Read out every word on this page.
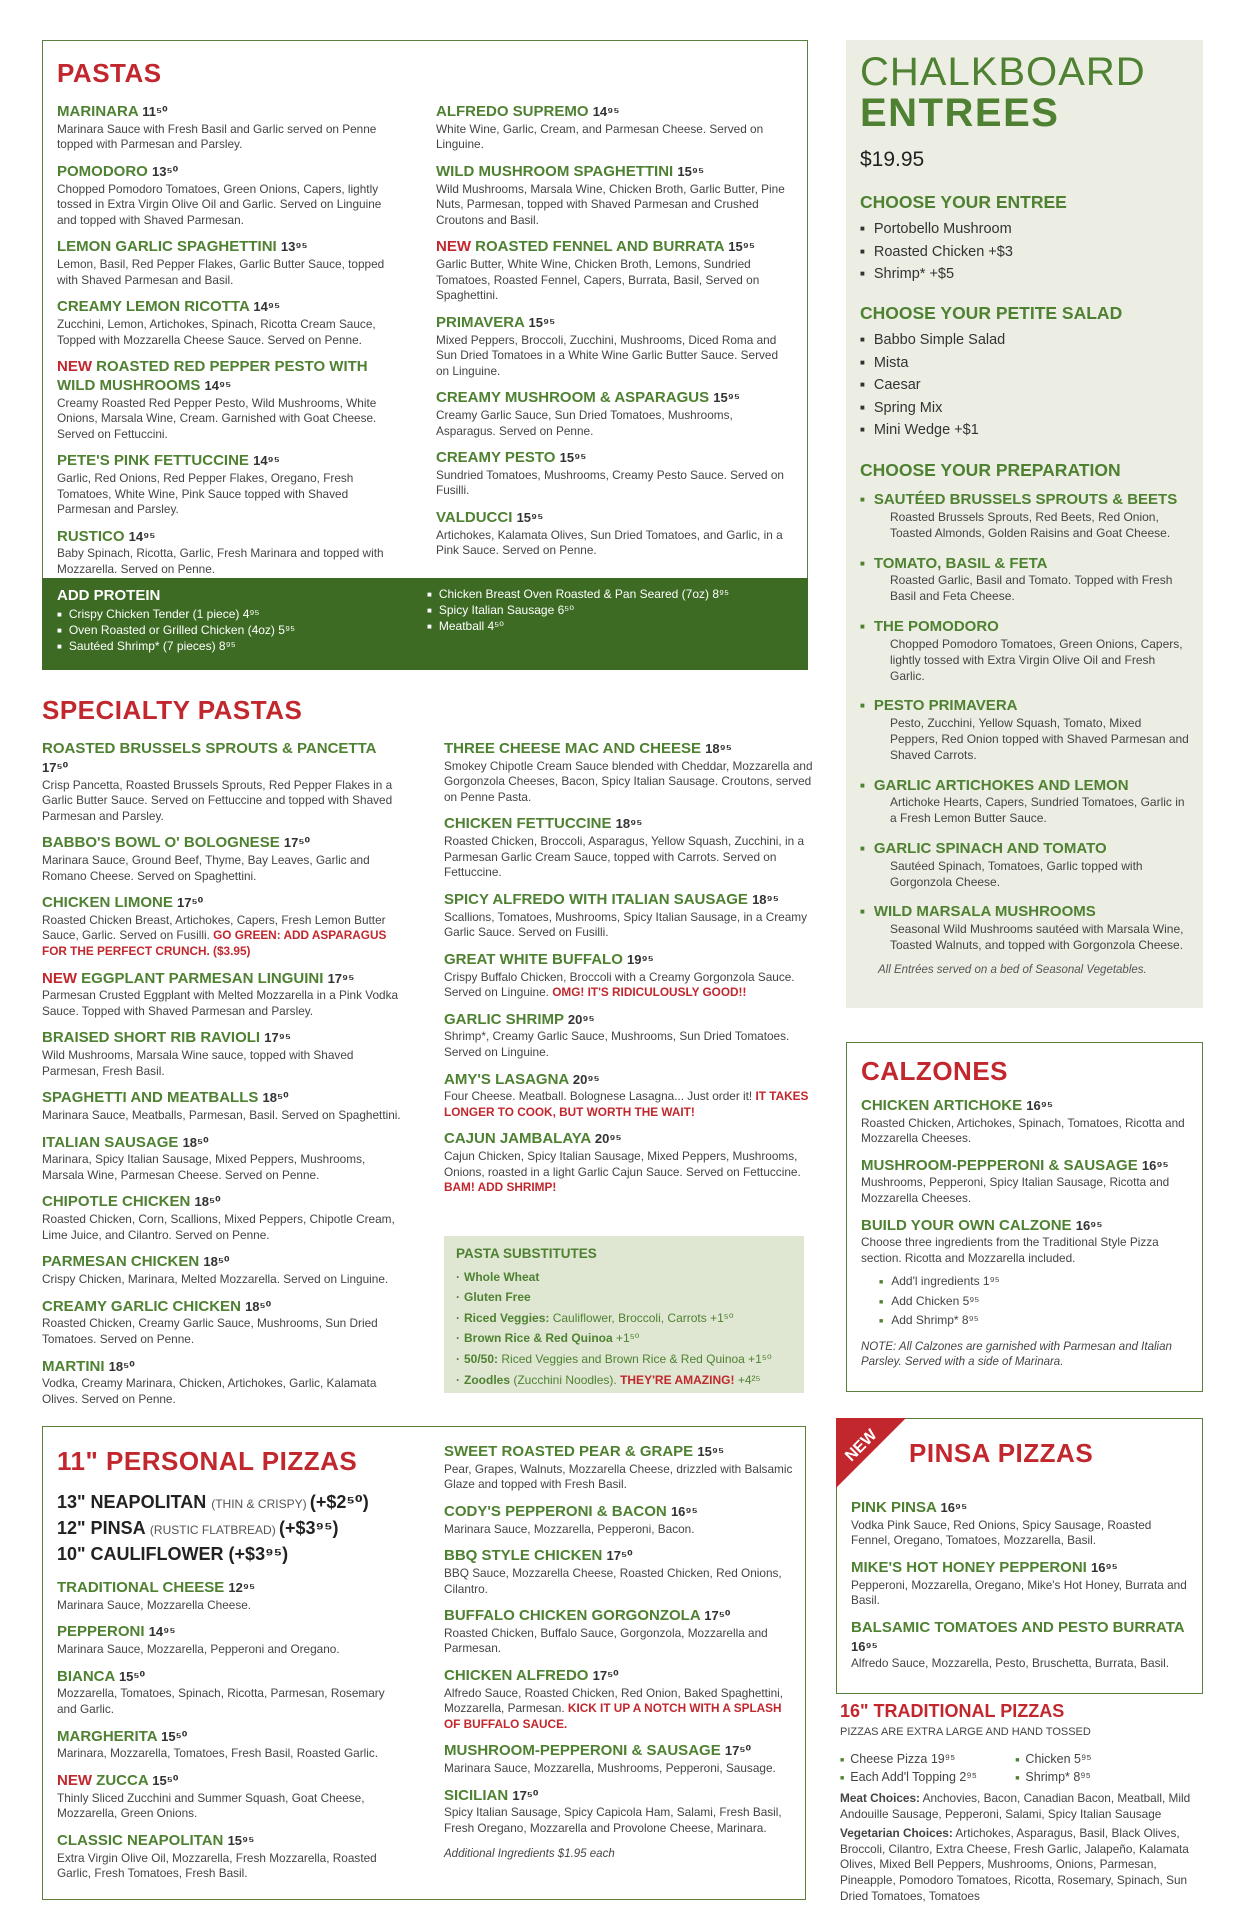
PASTAS
MARINARA 11⁵⁰
Marinara Sauce with Fresh Basil and Garlic served on Penne topped with Parmesan and Parsley.
POMODORO 13⁵⁰
Chopped Pomodoro Tomatoes, Green Onions, Capers, lightly tossed in Extra Virgin Olive Oil and Garlic. Served on Linguine and topped with Shaved Parmesan.
LEMON GARLIC SPAGHETTINI 13⁹⁵
Lemon, Basil, Red Pepper Flakes, Garlic Butter Sauce, topped with Shaved Parmesan and Basil.
CREAMY LEMON RICOTTA 14⁹⁵
Zucchini, Lemon, Artichokes, Spinach, Ricotta Cream Sauce, Topped with Mozzarella Cheese Sauce. Served on Penne.
NEW ROASTED RED PEPPER PESTO WITH WILD MUSHROOMS 14⁹⁵
Creamy Roasted Red Pepper Pesto, Wild Mushrooms, White Onions, Marsala Wine, Cream. Garnished with Goat Cheese. Served on Fettuccini.
PETE'S PINK FETTUCCINE 14⁹⁵
Garlic, Red Onions, Red Pepper Flakes, Oregano, Fresh Tomatoes, White Wine, Pink Sauce topped with Shaved Parmesan and Parsley.
RUSTICO 14⁹⁵
Baby Spinach, Ricotta, Garlic, Fresh Marinara and topped with Mozzarella. Served on Penne.
ALFREDO SUPREMO 14⁹⁵
White Wine, Garlic, Cream, and Parmesan Cheese. Served on Linguine.
WILD MUSHROOM SPAGHETTINI 15⁹⁵
Wild Mushrooms, Marsala Wine, Chicken Broth, Garlic Butter, Pine Nuts, Parmesan, topped with Shaved Parmesan and Crushed Croutons and Basil.
NEW ROASTED FENNEL AND BURRATA 15⁹⁵
Garlic Butter, White Wine, Chicken Broth, Lemons, Sundried Tomatoes, Roasted Fennel, Capers, Burrata, Basil, Served on Spaghettini.
PRIMAVERA 15⁹⁵
Mixed Peppers, Broccoli, Zucchini, Mushrooms, Diced Roma and Sun Dried Tomatoes in a White Wine Garlic Butter Sauce. Served on Linguine.
CREAMY MUSHROOM & ASPARAGUS 15⁹⁵
Creamy Garlic Sauce, Sun Dried Tomatoes, Mushrooms, Asparagus. Served on Penne.
CREAMY PESTO 15⁹⁵
Sundried Tomatoes, Mushrooms, Creamy Pesto Sauce. Served on Fusilli.
VALDUCCI 15⁹⁵
Artichokes, Kalamata Olives, Sun Dried Tomatoes, and Garlic, in a Pink Sauce. Served on Penne.
ADD PROTEIN
■ Crispy Chicken Tender (1 piece) 4⁹⁵
■ Oven Roasted or Grilled Chicken (4oz) 5⁹⁵
■ Sautéed Shrimp* (7 pieces) 8⁹⁵
■ Chicken Breast Oven Roasted & Pan Seared (7oz) 8⁹⁵
■ Spicy Italian Sausage 6⁵⁰
■ Meatball 4⁵⁰
SPECIALTY PASTAS
ROASTED BRUSSELS SPROUTS & PANCETTA 17⁵⁰
Crisp Pancetta, Roasted Brussels Sprouts, Red Pepper Flakes in a Garlic Butter Sauce. Served on Fettuccine and topped with Shaved Parmesan and Parsley.
BABBO'S BOWL O' BOLOGNESE 17⁵⁰
Marinara Sauce, Ground Beef, Thyme, Bay Leaves, Garlic and Romano Cheese. Served on Spaghettini.
CHICKEN LIMONE 17⁵⁰
Roasted Chicken Breast, Artichokes, Capers, Fresh Lemon Butter Sauce, Garlic. Served on Fusilli. GO GREEN: ADD ASPARAGUS FOR THE PERFECT CRUNCH. ($3.95)
NEW EGGPLANT PARMESAN LINGUINI 17⁹⁵
Parmesan Crusted Eggplant with Melted Mozzarella in a Pink Vodka Sauce. Topped with Shaved Parmesan and Parsley.
BRAISED SHORT RIB RAVIOLI 17⁹⁵
Wild Mushrooms, Marsala Wine sauce, topped with Shaved Parmesan, Fresh Basil.
SPAGHETTI AND MEATBALLS 18⁵⁰
Marinara Sauce, Meatballs, Parmesan, Basil. Served on Spaghettini.
ITALIAN SAUSAGE 18⁵⁰
Marinara, Spicy Italian Sausage, Mixed Peppers, Mushrooms, Marsala Wine, Parmesan Cheese. Served on Penne.
CHIPOTLE CHICKEN 18⁵⁰
Roasted Chicken, Corn, Scallions, Mixed Peppers, Chipotle Cream, Lime Juice, and Cilantro. Served on Penne.
PARMESAN CHICKEN 18⁵⁰
Crispy Chicken, Marinara, Melted Mozzarella. Served on Linguine.
CREAMY GARLIC CHICKEN 18⁵⁰
Roasted Chicken, Creamy Garlic Sauce, Mushrooms, Sun Dried Tomatoes. Served on Penne.
MARTINI 18⁵⁰
Vodka, Creamy Marinara, Chicken, Artichokes, Garlic, Kalamata Olives. Served on Penne.
THREE CHEESE MAC AND CHEESE 18⁹⁵
Smokey Chipotle Cream Sauce blended with Cheddar, Mozzarella and Gorgonzola Cheeses, Bacon, Spicy Italian Sausage. Croutons, served on Penne Pasta.
CHICKEN FETTUCCINE 18⁹⁵
Roasted Chicken, Broccoli, Asparagus, Yellow Squash, Zucchini, in a Parmesan Garlic Cream Sauce, topped with Carrots. Served on Fettuccine.
SPICY ALFREDO WITH ITALIAN SAUSAGE 18⁹⁵
Scallions, Tomatoes, Mushrooms, Spicy Italian Sausage, in a Creamy Garlic Sauce. Served on Fusilli.
GREAT WHITE BUFFALO 19⁹⁵
Crispy Buffalo Chicken, Broccoli with a Creamy Gorgonzola Sauce. Served on Linguine. OMG! IT'S RIDICULOUSLY GOOD!!
GARLIC SHRIMP 20⁹⁵
Shrimp*, Creamy Garlic Sauce, Mushrooms, Sun Dried Tomatoes. Served on Linguine.
AMY'S LASAGNA 20⁹⁵
Four Cheese. Meatball. Bolognese Lasagna... Just order it! IT TAKES LONGER TO COOK, BUT WORTH THE WAIT!
CAJUN JAMBALAYA 20⁹⁵
Cajun Chicken, Spicy Italian Sausage, Mixed Peppers, Mushrooms, Onions, roasted in a light Garlic Cajun Sauce. Served on Fettuccine. BAM! ADD SHRIMP!
PASTA SUBSTITUTES
· Whole Wheat
· Gluten Free
· Riced Veggies: Cauliflower, Broccoli, Carrots +1⁵⁰
· Brown Rice & Red Quinoa +1⁵⁰
· 50/50: Riced Veggies and Brown Rice & Red Quinoa +1⁵⁰
· Zoodles (Zucchini Noodles). THEY'RE AMAZING! +4²⁵
CHALKBOARD
ENTREES
$19.95
CHOOSE YOUR ENTREE
■ Portobello Mushroom
■ Roasted Chicken +$3
■ Shrimp* +$5
CHOOSE YOUR PETITE SALAD
■ Babbo Simple Salad
■ Mista
■ Caesar
■ Spring Mix
■ Mini Wedge +$1
CHOOSE YOUR PREPARATION
■ SAUTÉED BRUSSELS SPROUTS & BEETS
Roasted Brussels Sprouts, Red Beets, Red Onion, Toasted Almonds, Golden Raisins and Goat Cheese.
■ TOMATO, BASIL & FETA
Roasted Garlic, Basil and Tomato. Topped with Fresh Basil and Feta Cheese.
■ THE POMODORO
Chopped Pomodoro Tomatoes, Green Onions, Capers, lightly tossed with Extra Virgin Olive Oil and Fresh Garlic.
■ PESTO PRIMAVERA
Pesto, Zucchini, Yellow Squash, Tomato, Mixed Peppers, Red Onion topped with Shaved Parmesan and Shaved Carrots.
■ GARLIC ARTICHOKES AND LEMON
Artichoke Hearts, Capers, Sundried Tomatoes, Garlic in a Fresh Lemon Butter Sauce.
■ GARLIC SPINACH AND TOMATO
Sautéed Spinach, Tomatoes, Garlic topped with Gorgonzola Cheese.
■ WILD MARSALA MUSHROOMS
Seasonal Wild Mushrooms sautéed with Marsala Wine, Toasted Walnuts, and topped with Gorgonzola Cheese.
All Entrées served on a bed of Seasonal Vegetables.
CALZONES
CHICKEN ARTICHOKE 16⁹⁵
Roasted Chicken, Artichokes, Spinach, Tomatoes, Ricotta and Mozzarella Cheeses.
MUSHROOM-PEPPERONI & SAUSAGE 16⁹⁵
Mushrooms, Pepperoni, Spicy Italian Sausage, Ricotta and Mozzarella Cheeses.
BUILD YOUR OWN CALZONE 16⁹⁵
Choose three ingredients from the Traditional Style Pizza section. Ricotta and Mozzarella included.
■ Add'l ingredients 1⁹⁵
■ Add Chicken 5⁹⁵
■ Add Shrimp* 8⁹⁵
NOTE: All Calzones are garnished with Parmesan and Italian Parsley. Served with a side of Marinara.
11" PERSONAL PIZZAS
13" NEAPOLITAN (THIN & CRISPY) (+$2⁵⁰)
12" PINSA (RUSTIC FLATBREAD) (+$3⁹⁵)
10" CAULIFLOWER (+$3⁹⁵)
TRADITIONAL CHEESE 12⁹⁵
Marinara Sauce, Mozzarella Cheese.
PEPPERONI 14⁹⁵
Marinara Sauce, Mozzarella, Pepperoni and Oregano.
BIANCA 15⁵⁰
Mozzarella, Tomatoes, Spinach, Ricotta, Parmesan, Rosemary and Garlic.
MARGHERITA 15⁵⁰
Marinara, Mozzarella, Tomatoes, Fresh Basil, Roasted Garlic.
NEW ZUCCA 15⁵⁰
Thinly Sliced Zucchini and Summer Squash, Goat Cheese, Mozzarella, Green Onions.
CLASSIC NEAPOLITAN 15⁹⁵
Extra Virgin Olive Oil, Mozzarella, Fresh Mozzarella, Roasted Garlic, Fresh Tomatoes, Fresh Basil.
SWEET ROASTED PEAR & GRAPE 15⁹⁵
Pear, Grapes, Walnuts, Mozzarella Cheese, drizzled with Balsamic Glaze and topped with Fresh Basil.
CODY'S PEPPERONI & BACON 16⁹⁵
Marinara Sauce, Mozzarella, Pepperoni, Bacon.
BBQ STYLE CHICKEN 17⁵⁰
BBQ Sauce, Mozzarella Cheese, Roasted Chicken, Red Onions, Cilantro.
BUFFALO CHICKEN GORGONZOLA 17⁵⁰
Roasted Chicken, Buffalo Sauce, Gorgonzola, Mozzarella and Parmesan.
CHICKEN ALFREDO 17⁵⁰
Alfredo Sauce, Roasted Chicken, Red Onion, Baked Spaghettini, Mozzarella, Parmesan. KICK IT UP A NOTCH WITH A SPLASH OF BUFFALO SAUCE.
MUSHROOM-PEPPERONI & SAUSAGE 17⁵⁰
Marinara Sauce, Mozzarella, Mushrooms, Pepperoni, Sausage.
SICILIAN 17⁵⁰
Spicy Italian Sausage, Spicy Capicola Ham, Salami, Fresh Basil, Fresh Oregano, Mozzarella and Provolone Cheese, Marinara.
Additional Ingredients $1.95 each
PINSA PIZZAS
PINK PINSA 16⁹⁵
Vodka Pink Sauce, Red Onions, Spicy Sausage, Roasted Fennel, Oregano, Tomatoes, Mozzarella, Basil.
MIKE'S HOT HONEY PEPPERONI 16⁹⁵
Pepperoni, Mozzarella, Oregano, Mike's Hot Honey, Burrata and Basil.
BALSAMIC TOMATOES AND PESTO BURRATA 16⁹⁵
Alfredo Sauce, Mozzarella, Pesto, Bruschetta, Burrata, Basil.
NEW
16" TRADITIONAL PIZZAS
PIZZAS ARE EXTRA LARGE AND HAND TOSSED
■ Cheese Pizza 19⁹⁵	■ Chicken 5⁹⁵■ Each Add'l Topping 2⁹⁵	■ Shrimp* 8⁹⁵
Meat Choices: Anchovies, Bacon, Canadian Bacon, Meatball, Mild Andouille Sausage, Pepperoni, Salami, Spicy Italian Sausage
Vegetarian Choices: Artichokes, Asparagus, Basil, Black Olives, Broccoli, Cilantro, Extra Cheese, Fresh Garlic, Jalapeño, Kalamata Olives, Mixed Bell Peppers, Mushrooms, Onions, Parmesan, Pineapple, Pomodoro Tomatoes, Ricotta, Rosemary, Spinach, Sun Dried Tomatoes, Tomatoes
